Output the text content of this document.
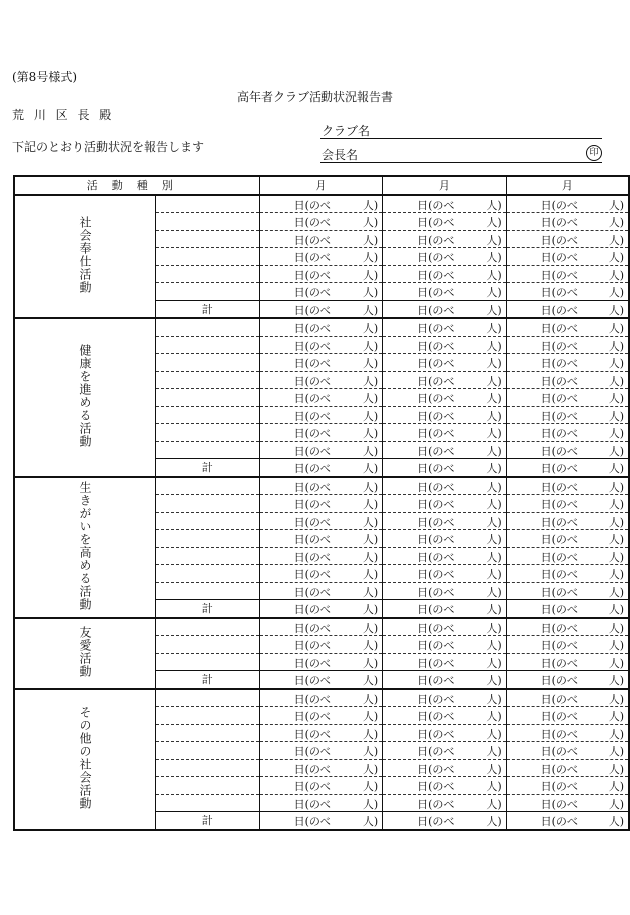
(第8号様式)
高年者クラブ活動状況報告書
荒 川 区 長 殿
下記のとおり活動状況を報告します
クラブ名
会長名	印
活動種別		月	月	月
社会奉仕活動		日(のべ 人)	日(のべ 人)	日(のべ 人)

		日(のべ 人)	日(のべ 人)	日(のべ 人)

		日(のべ 人)	日(のべ 人)	日(のべ 人)

		日(のべ 人)	日(のべ 人)	日(のべ 人)

		日(のべ 人)	日(のべ 人)	日(のべ 人)

		日(のべ 人)	日(のべ 人)	日(のべ 人)

	計	日(のべ 人)	日(のべ 人)	日(のべ 人)

健康を進める活動		日(のべ 人)	日(のべ 人)	日(のべ 人)

		日(のべ 人)	日(のべ 人)	日(のべ 人)

		日(のべ 人)	日(のべ 人)	日(のべ 人)

		日(のべ 人)	日(のべ 人)	日(のべ 人)

		日(のべ 人)	日(のべ 人)	日(のべ 人)

		日(のべ 人)	日(のべ 人)	日(のべ 人)

		日(のべ 人)	日(のべ 人)	日(のべ 人)

		日(のべ 人)	日(のべ 人)	日(のべ 人)

	計	日(のべ 人)	日(のべ 人)	日(のべ 人)

生きがいを高める活動		日(のべ 人)	日(のべ 人)	日(のべ 人)

		日(のべ 人)	日(のべ 人)	日(のべ 人)

		日(のべ 人)	日(のべ 人)	日(のべ 人)

		日(のべ 人)	日(のべ 人)	日(のべ 人)

		日(のべ 人)	日(のべ 人)	日(のべ 人)

		日(のべ 人)	日(のべ 人)	日(のべ 人)

		日(のべ 人)	日(のべ 人)	日(のべ 人)

	計	日(のべ 人)	日(のべ 人)	日(のべ 人)

友愛活動		日(のべ 人)	日(のべ 人)	日(のべ 人)

		日(のべ 人)	日(のべ 人)	日(のべ 人)

		日(のべ 人)	日(のべ 人)	日(のべ 人)

	計	日(のべ 人)	日(のべ 人)	日(のべ 人)

その他の社会活動		日(のべ 人)	日(のべ 人)	日(のべ 人)

		日(のべ 人)	日(のべ 人)	日(のべ 人)

		日(のべ 人)	日(のべ 人)	日(のべ 人)

		日(のべ 人)	日(のべ 人)	日(のべ 人)

		日(のべ 人)	日(のべ 人)	日(のべ 人)

		日(のべ 人)	日(のべ 人)	日(のべ 人)

		日(のべ 人)	日(のべ 人)	日(のべ 人)

	計	日(のべ 人)	日(のべ 人)	日(のべ 人)
